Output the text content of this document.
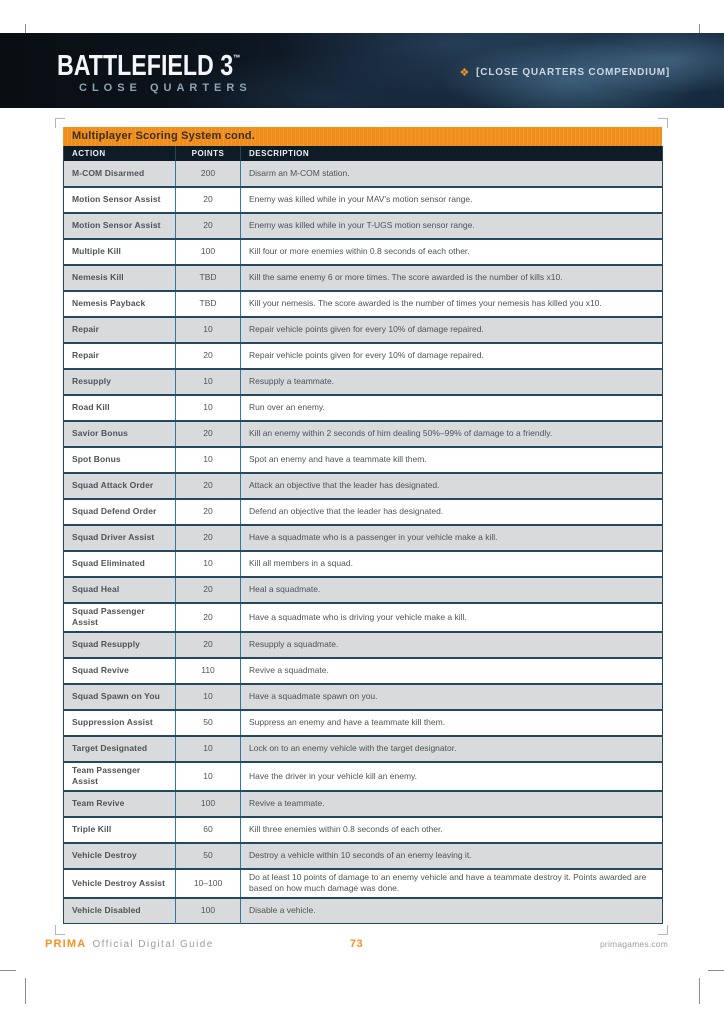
BATTLEFIELD 3™
CLOSE QUARTERS
❖ [CLOSE QUARTERS COMPENDIUM]
Multiplayer Scoring System cond.
ACTION	POINTS	DESCRIPTION
M-COM Disarmed	200	Disarm an M-COM station.
Motion Sensor Assist	20	Enemy was killed while in your MAV's motion sensor range.
Motion Sensor Assist	20	Enemy was killed while in your T-UGS motion sensor range.
Multiple Kill	100	Kill four or more enemies within 0.8 seconds of each other.
Nemesis Kill	TBD	Kill the same enemy 6 or more times. The score awarded is the number of kills x10.
Nemesis Payback	TBD	Kill your nemesis. The score awarded is the number of times your nemesis has killed you x10.
Repair	10	Repair vehicle points given for every 10% of damage repaired.
Repair	20	Repair vehicle points given for every 10% of damage repaired.
Resupply	10	Resupply a teammate.
Road Kill	10	Run over an enemy.
Savior Bonus	20	Kill an enemy within 2 seconds of him dealing 50%–99% of damage to a friendly.
Spot Bonus	10	Spot an enemy and have a teammate kill them.
Squad Attack Order	20	Attack an objective that the leader has designated.
Squad Defend Order	20	Defend an objective that the leader has designated.
Squad Driver Assist	20	Have a squadmate who is a passenger in your vehicle make a kill.
Squad Eliminated	10	Kill all members in a squad.
Squad Heal	20	Heal a squadmate.
Squad Passenger Assist	20	Have a squadmate who is driving your vehicle make a kill.
Squad Resupply	20	Resupply a squadmate.
Squad Revive	110	Revive a squadmate.
Squad Spawn on You	10	Have a squadmate spawn on you.
Suppression Assist	50	Suppress an enemy and have a teammate kill them.
Target Designated	10	Lock on to an enemy vehicle with the target designator.
Team Passenger Assist	10	Have the driver in your vehicle kill an enemy.
Team Revive	100	Revive a teammate.
Triple Kill	60	Kill three enemies within 0.8 seconds of each other.
Vehicle Destroy	50	Destroy a vehicle within 10 seconds of an enemy leaving it.
Vehicle Destroy Assist	10–100	Do at least 10 points of damage to an enemy vehicle and have a teammate destroy it. Points awarded are based on how much damage was done.
Vehicle Disabled	100	Disable a vehicle.
PRIMA Official Digital Guide	73	primagames.com
